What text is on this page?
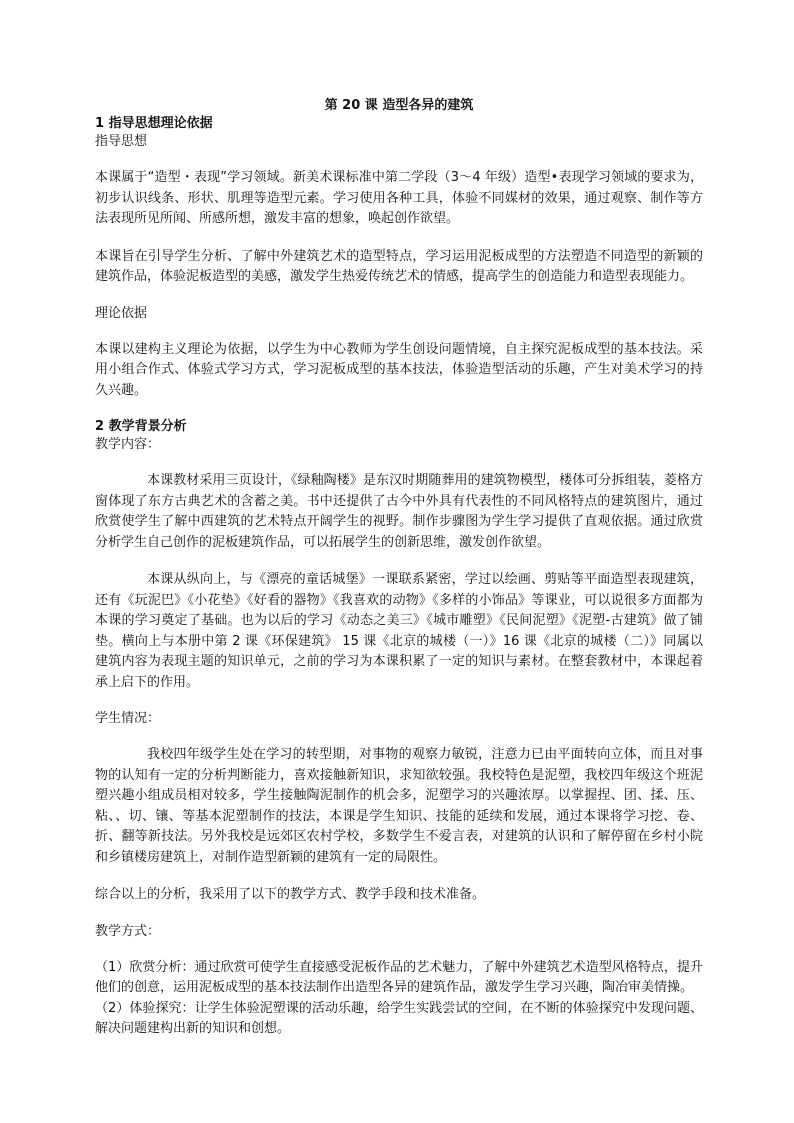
第 20 课 造型各异的建筑
1 指导思想理论依据
指导思想

本课属于“造型・表现”学习领域。新美术课标准中第二学段（3～4 年级）造型•表现学习领域的要求为，初步认识线条、形状、肌理等造型元素。学习使用各种工具，体验不同媒材的效果，通过观察、制作等方法表现所见所闻、所感所想，激发丰富的想象，唤起创作欲望。

本课旨在引导学生分析、了解中外建筑艺术的造型特点，学习运用泥板成型的方法塑造不同造型的新颖的建筑作品，体验泥板造型的美感，激发学生热爱传统艺术的情感，提高学生的创造能力和造型表现能力。

理论依据

本课以建构主义理论为依据，以学生为中心教师为学生创设问题情境，自主探究泥板成型的基本技法。采用小组合作式、体验式学习方式，学习泥板成型的基本技法，体验造型活动的乐趣，产生对美术学习的持久兴趣。

2 教学背景分析
教学内容：

本课教材采用三页设计，《绿釉陶楼》是东汉时期随葬用的建筑物模型，楼体可分拆组装，菱格方窗体现了东方古典艺术的含蓄之美。书中还提供了古今中外具有代表性的不同风格特点的建筑图片，通过欣赏使学生了解中西建筑的艺术特点开阔学生的视野。制作步骤图为学生学习提供了直观依据。通过欣赏分析学生自己创作的泥板建筑作品，可以拓展学生的创新思维，激发创作欲望。

本课从纵向上，与《漂亮的童话城堡》一课联系紧密，学过以绘画、剪贴等平面造型表现建筑，还有《玩泥巴》《小花垫》《好看的器物》《我喜欢的动物》《多样的小饰品》等课业，可以说很多方面都为本课的学习奠定了基础。也为以后的学习《动态之美三》《城市雕塑》《民间泥塑》《泥塑-古建筑》做了铺垫。横向上与本册中第 2 课《环保建筑》 15 课《北京的城楼（一）》16 课《北京的城楼（二）》同属以建筑内容为表现主题的知识单元，之前的学习为本课积累了一定的知识与素材。在整套教材中，本课起着承上启下的作用。

学生情况：

我校四年级学生处在学习的转型期，对事物的观察力敏锐，注意力已由平面转向立体，而且对事物的认知有一定的分析判断能力，喜欢接触新知识，求知欲较强。我校特色是泥塑，我校四年级这个班泥塑兴趣小组成员相对较多，学生接触陶泥制作的机会多，泥塑学习的兴趣浓厚。以掌握捏、团、揉、压、粘、、切、镶、等基本泥塑制作的技法，本课是学生知识、技能的延续和发展，通过本课将学习挖、卷、折、翻等新技法。另外我校是远郊区农村学校，多数学生不爱言表，对建筑的认识和了解停留在乡村小院和乡镇楼房建筑上，对制作造型新颖的建筑有一定的局限性。

综合以上的分析，我采用了以下的教学方式、教学手段和技术准备。

教学方式：

（1）欣赏分析：通过欣赏可使学生直接感受泥板作品的艺术魅力，了解中外建筑艺术造型风格特点，提升他们的创意，运用泥板成型的基本技法制作出造型各异的建筑作品，激发学生学习兴趣，陶冶审美情操。

（2）体验探究：让学生体验泥塑课的活动乐趣，给学生实践尝试的空间，在不断的体验探究中发现问题、解决问题建构出新的知识和创想。
